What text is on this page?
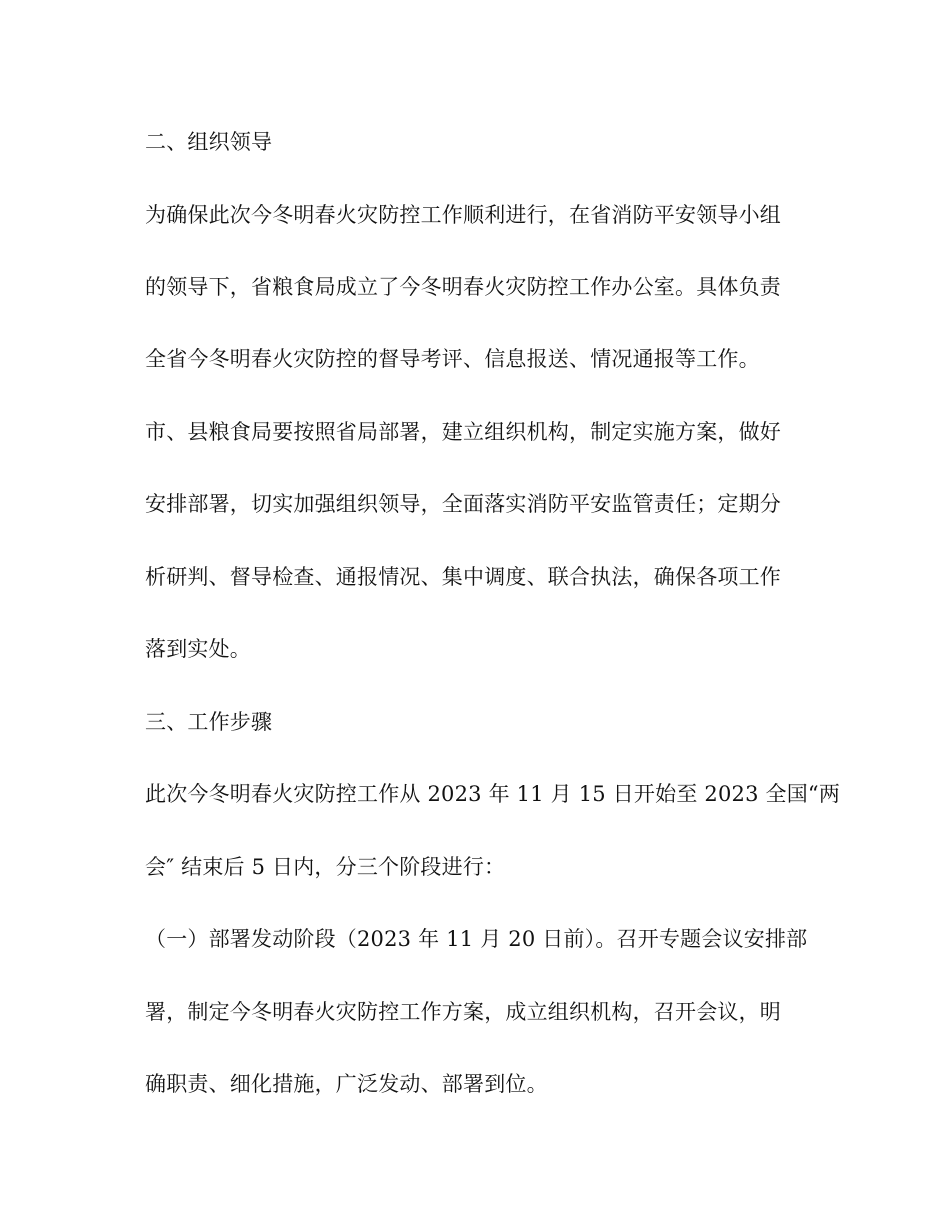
二、组织领导
为确保此次今冬明春火灾防控工作顺利进行，在省消防平安领导小组
的领导下，省粮食局成立了今冬明春火灾防控工作办公室。具体负责
全省今冬明春火灾防控的督导考评、信息报送、情况通报等工作。
市、县粮食局要按照省局部署，建立组织机构，制定实施方案，做好
安排部署，切实加强组织领导，全面落实消防平安监管责任；定期分
析研判、督导检查、通报情况、集中调度、联合执法，确保各项工作
落到实处。
三、工作步骤
此次今冬明春火灾防控工作从 2023 年 11 月 15 日开始至 2023 全国“两
会″ 结束后 5 日内，分三个阶段进行：
（一）部署发动阶段（2023 年 11 月 20 日前）。召开专题会议安排部
署，制定今冬明春火灾防控工作方案，成立组织机构，召开会议，明
确职责、细化措施，广泛发动、部署到位。
